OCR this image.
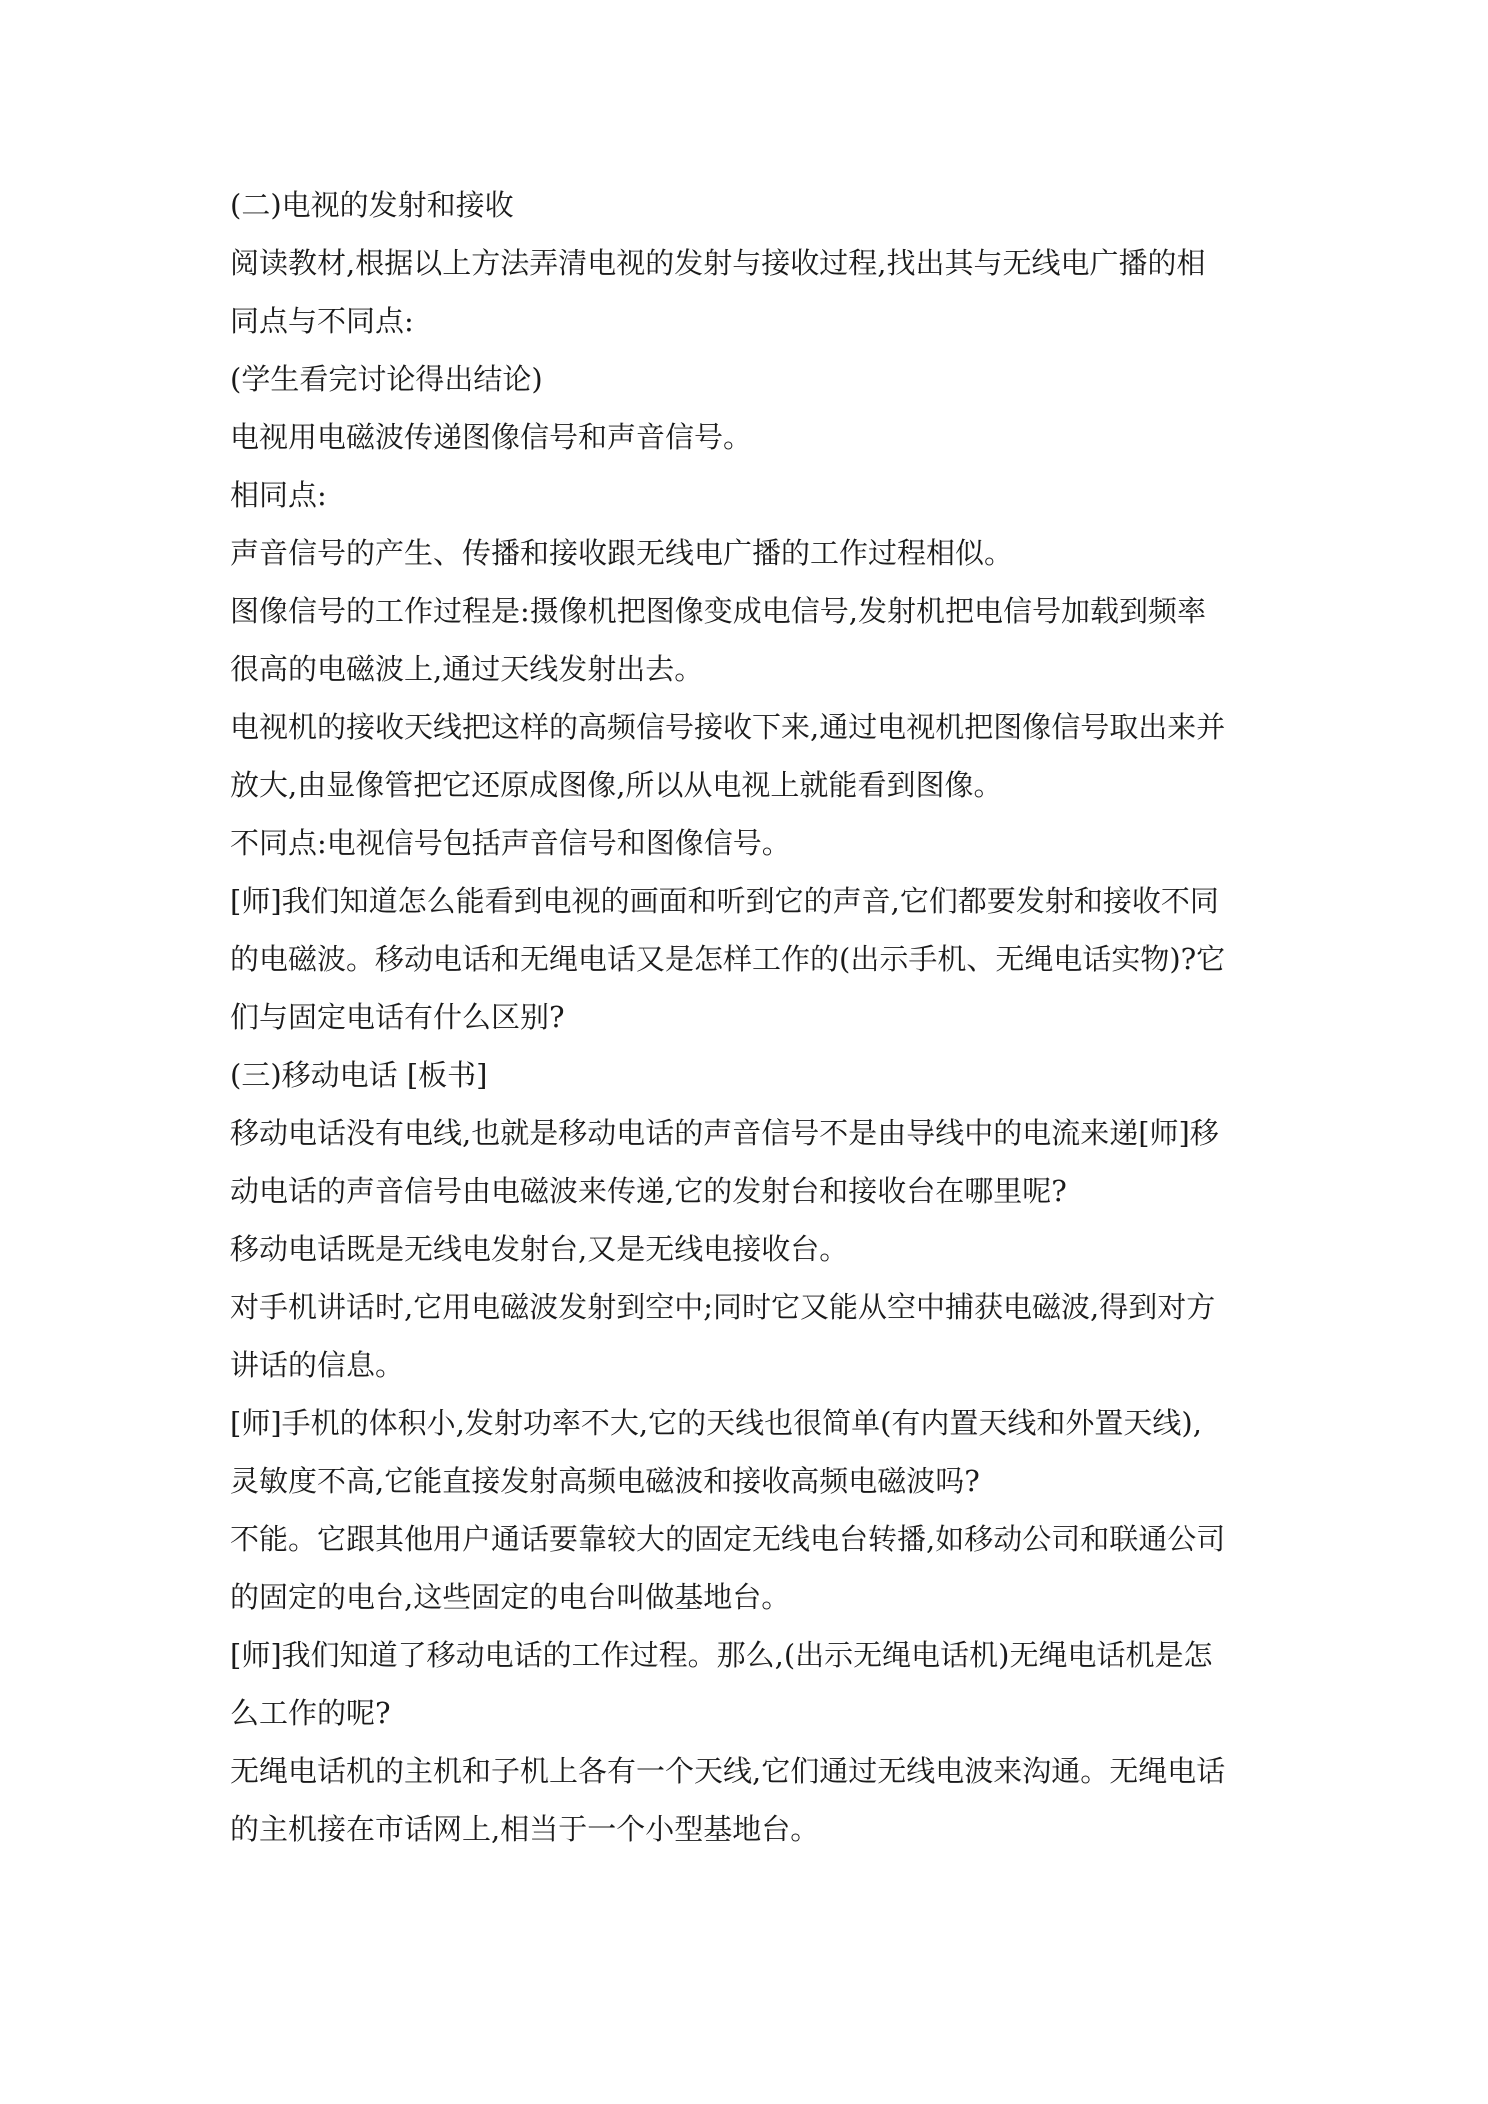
(二)电视的发射和接收
阅读教材,根据以上方法弄清电视的发射与接收过程,找出其与无线电广播的相
同点与不同点:
(学生看完讨论得出结论)
电视用电磁波传递图像信号和声音信号。
相同点:
声音信号的产生、传播和接收跟无线电广播的工作过程相似。
图像信号的工作过程是:摄像机把图像变成电信号,发射机把电信号加载到频率
很高的电磁波上,通过天线发射出去。
电视机的接收天线把这样的高频信号接收下来,通过电视机把图像信号取出来并
放大,由显像管把它还原成图像,所以从电视上就能看到图像。
不同点:电视信号包括声音信号和图像信号。
[师]我们知道怎么能看到电视的画面和听到它的声音,它们都要发射和接收不同
的电磁波。移动电话和无绳电话又是怎样工作的(出示手机、无绳电话实物)?它
们与固定电话有什么区别?
(三)移动电话 [板书]
移动电话没有电线,也就是移动电话的声音信号不是由导线中的电流来递[师]移
动电话的声音信号由电磁波来传递,它的发射台和接收台在哪里呢?
移动电话既是无线电发射台,又是无线电接收台。
对手机讲话时,它用电磁波发射到空中;同时它又能从空中捕获电磁波,得到对方
讲话的信息。
[师]手机的体积小,发射功率不大,它的天线也很简单(有内置天线和外置天线),
灵敏度不高,它能直接发射高频电磁波和接收高频电磁波吗?
不能。它跟其他用户通话要靠较大的固定无线电台转播,如移动公司和联通公司
的固定的电台,这些固定的电台叫做基地台。
[师]我们知道了移动电话的工作过程。那么,(出示无绳电话机)无绳电话机是怎
么工作的呢?
无绳电话机的主机和子机上各有一个天线,它们通过无线电波来沟通。无绳电话
的主机接在市话网上,相当于一个小型基地台。
